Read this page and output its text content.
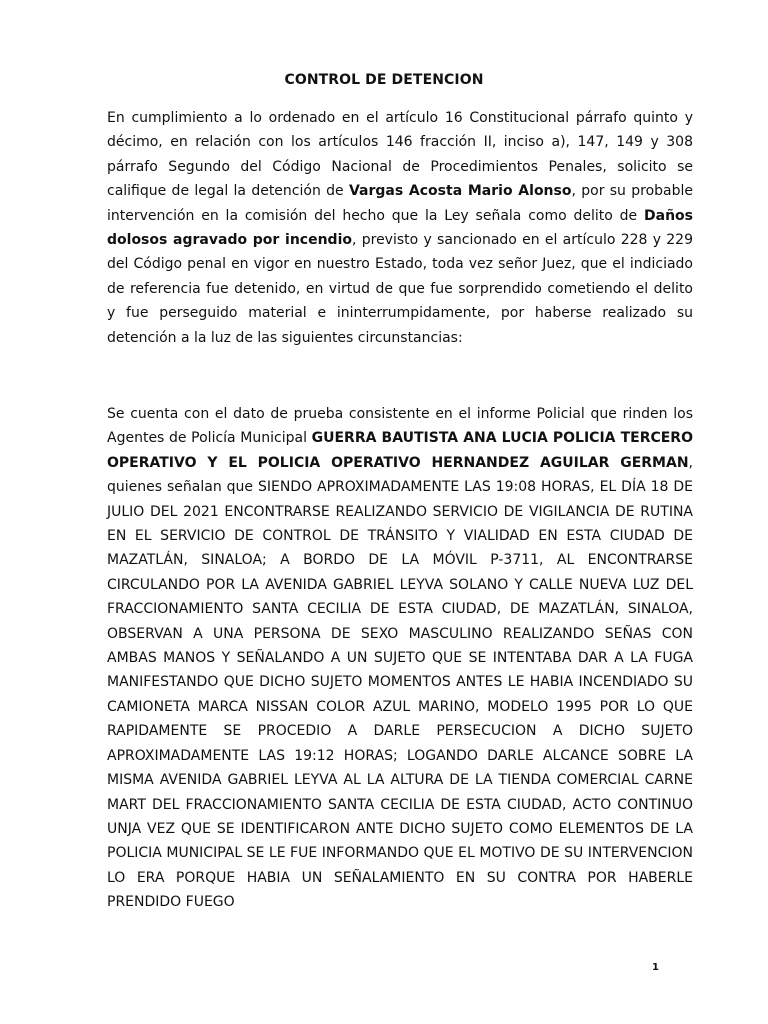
CONTROL DE DETENCION
En cumplimiento a lo ordenado en el artículo 16 Constitucional párrafo quinto y décimo, en relación con los artículos 146 fracción II, inciso a), 147, 149 y 308 párrafo Segundo del Código Nacional de Procedimientos Penales, solicito se califique de legal la detención de Vargas Acosta Mario Alonso, por su probable intervención en la comisión del hecho que la Ley señala como delito de Daños dolosos agravado por incendio, previsto y sancionado en el artículo 228 y 229 del Código penal en vigor en nuestro Estado, toda vez señor Juez, que el indiciado de referencia fue detenido, en virtud de que fue sorprendido cometiendo el delito y fue perseguido material e ininterrumpidamente, por haberse realizado su detención a la luz de las siguientes circunstancias:
Se cuenta con el dato de prueba consistente en el informe Policial que rinden los Agentes de Policía Municipal GUERRA BAUTISTA ANA LUCIA POLICIA TERCERO OPERATIVO Y EL POLICIA OPERATIVO HERNANDEZ AGUILAR GERMAN, quienes señalan que SIENDO APROXIMADAMENTE LAS 19:08 HORAS, EL DÍA 18 DE JULIO DEL 2021 ENCONTRARSE REALIZANDO SERVICIO DE VIGILANCIA DE RUTINA EN EL SERVICIO DE CONTROL DE TRÁNSITO Y VIALIDAD EN ESTA CIUDAD DE MAZATLÁN, SINALOA; A BORDO DE LA MÓVIL P-3711, AL ENCONTRARSE CIRCULANDO POR LA AVENIDA GABRIEL LEYVA SOLANO Y CALLE NUEVA LUZ DEL FRACCIONAMIENTO SANTA CECILIA DE ESTA CIUDAD, DE MAZATLÁN, SINALOA, OBSERVAN A UNA PERSONA DE SEXO MASCULINO REALIZANDO SEÑAS CON AMBAS MANOS Y SEÑALANDO A UN SUJETO QUE SE INTENTABA DAR A LA FUGA MANIFESTANDO QUE DICHO SUJETO MOMENTOS ANTES LE HABIA INCENDIADO SU CAMIONETA MARCA NISSAN COLOR AZUL MARINO, MODELO 1995 POR LO QUE RAPIDAMENTE SE PROCEDIO A DARLE PERSECUCION A DICHO SUJETO APROXIMADAMENTE LAS 19:12 HORAS; LOGANDO DARLE ALCANCE SOBRE LA MISMA AVENIDA GABRIEL LEYVA AL LA ALTURA DE LA TIENDA COMERCIAL CARNE MART DEL FRACCIONAMIENTO SANTA CECILIA DE ESTA CIUDAD, ACTO CONTINUO UNJA VEZ QUE SE IDENTIFICARON ANTE DICHO SUJETO COMO ELEMENTOS DE LA POLICIA MUNICIPAL SE LE FUE INFORMANDO QUE EL MOTIVO DE SU INTERVENCION LO ERA PORQUE HABIA UN SEÑALAMIENTO EN SU CONTRA POR HABERLE PRENDIDO FUEGO
1
